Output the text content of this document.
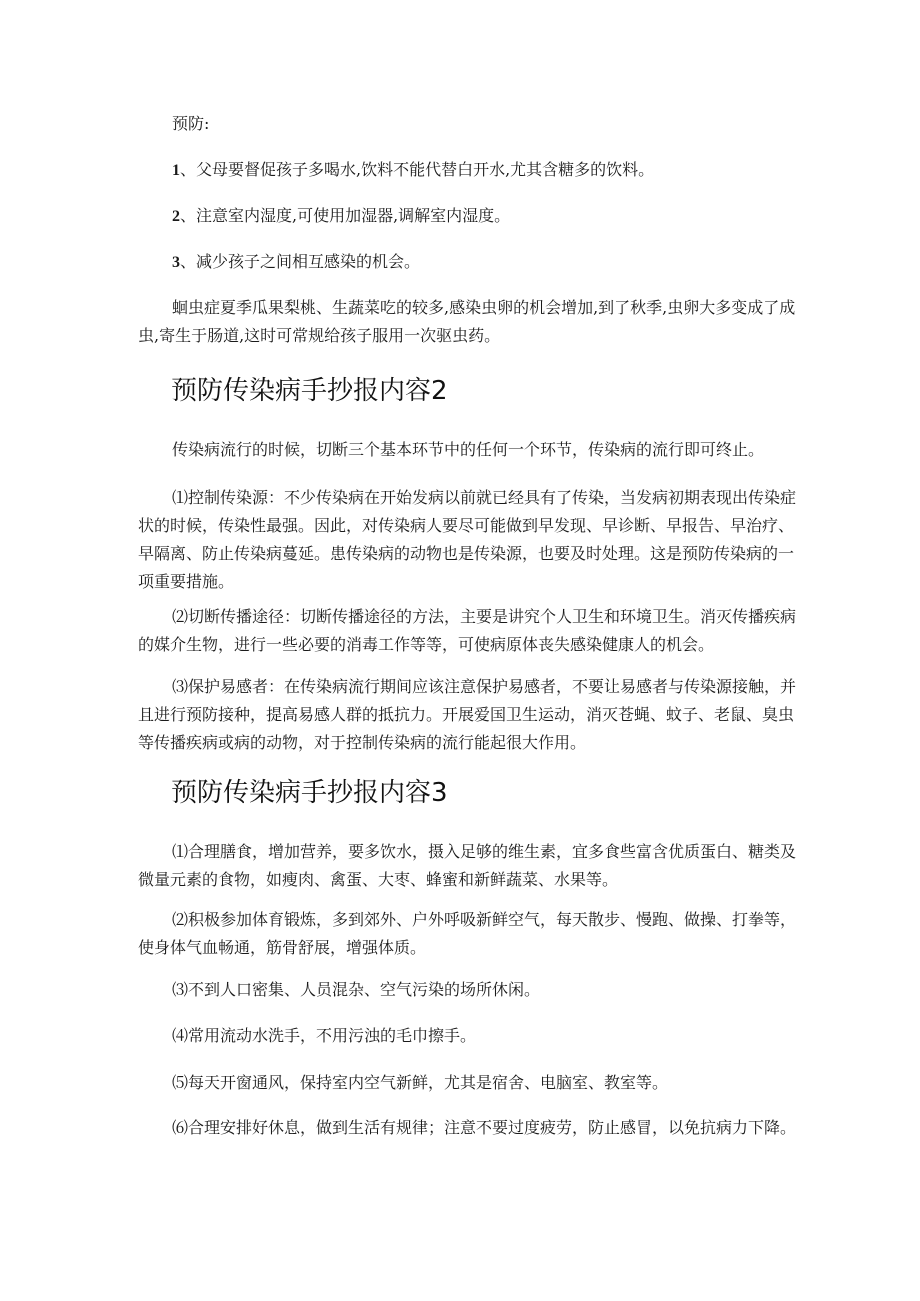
预防:

1、父母要督促孩子多喝水,饮料不能代替白开水,尤其含糖多的饮料。

2、注意室内湿度,可使用加湿器,调解室内湿度。

3、减少孩子之间相互感染的机会。

蛔虫症夏季瓜果梨桃、生蔬菜吃的较多,感染虫卵的机会增加,到了秋季,虫卵大多变成了成虫,寄生于肠道,这时可常规给孩子服用一次驱虫药。

预防传染病手抄报内容2

传染病流行的时候，切断三个基本环节中的任何一个环节，传染病的流行即可终止。

⑴控制传染源：不少传染病在开始发病以前就已经具有了传染，当发病初期表现出传染症状的时候，传染性最强。因此，对传染病人要尽可能做到早发现、早诊断、早报告、早治疗、早隔离、防止传染病蔓延。患传染病的动物也是传染源，也要及时处理。这是预防传染病的一项重要措施。

⑵切断传播途径：切断传播途径的方法，主要是讲究个人卫生和环境卫生。消灭传播疾病的媒介生物，进行一些必要的消毒工作等等，可使病原体丧失感染健康人的机会。

⑶保护易感者：在传染病流行期间应该注意保护易感者，不要让易感者与传染源接触，并且进行预防接种，提高易感人群的抵抗力。开展爱国卫生运动，消灭苍蝇、蚊子、老鼠、臭虫等传播疾病或病的动物，对于控制传染病的流行能起很大作用。

预防传染病手抄报内容3

⑴合理膳食，增加营养，要多饮水，摄入足够的维生素，宜多食些富含优质蛋白、糖类及微量元素的食物，如瘦肉、禽蛋、大枣、蜂蜜和新鲜蔬菜、水果等。

⑵积极参加体育锻炼，多到郊外、户外呼吸新鲜空气，每天散步、慢跑、做操、打拳等，使身体气血畅通，筋骨舒展，增强体质。

⑶不到人口密集、人员混杂、空气污染的场所休闲。

⑷常用流动水洗手，不用污浊的毛巾擦手。

⑸每天开窗通风，保持室内空气新鲜，尤其是宿舍、电脑室、教室等。

⑹合理安排好休息，做到生活有规律；注意不要过度疲劳，防止感冒，以免抗病力下降。
